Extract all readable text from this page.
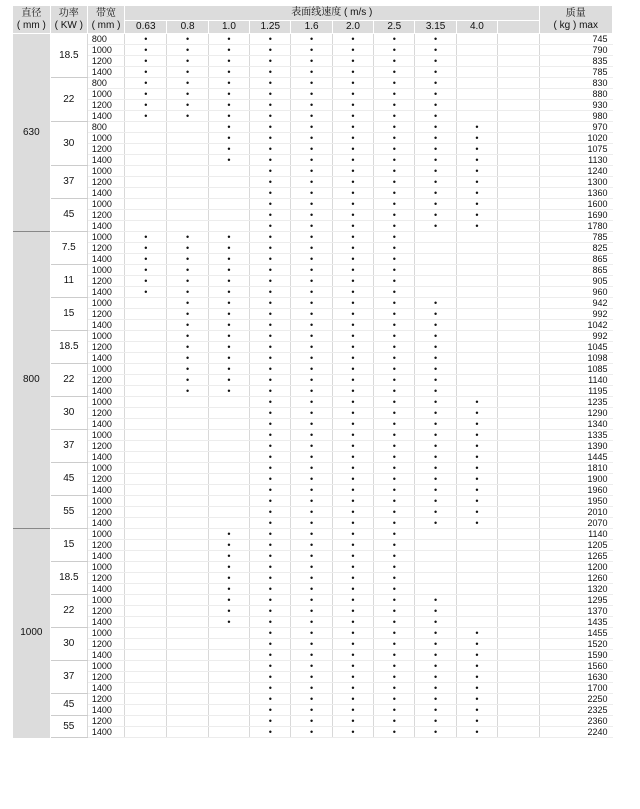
直径
( mm )	功率
( KW )	带宽
( mm )	表面线速度 ( m/s )										质量
( kg ) max
			0.63	0.8	1.0	1.25	1.6	2.0	2.5	3.15	4.0		
630	18.5	800	•	•	•	•	•	•	•	•			745
		1000	•	•	•	•	•	•	•	•			790
		1200	•	•	•	•	•	•	•	•			835
		1400	•	•	•	•	•	•	•	•			785
	22	800	•	•	•	•	•	•	•	•			830
		1000	•	•	•	•	•	•	•	•			880
		1200	•	•	•	•	•	•	•	•			930
		1400	•	•	•	•	•	•	•	•			980
	30	800			•	•	•	•	•	•	•		970
		1000			•	•	•	•	•	•	•		1020
		1200			•	•	•	•	•	•	•		1075
		1400			•	•	•	•	•	•	•		1130
	37	1000				•	•	•	•	•	•		1240
		1200				•	•	•	•	•	•		1300
		1400				•	•	•	•	•	•		1360
	45	1000				•	•	•	•	•	•		1600
		1200				•	•	•	•	•	•		1690
		1400				•	•	•	•	•	•		1780
800	7.5	1000	•	•	•	•	•	•	•				785
		1200	•	•	•	•	•	•	•				825
		1400	•	•	•	•	•	•	•				865
	11	1000	•	•	•	•	•	•	•				865
		1200	•	•	•	•	•	•	•				905
		1400	•	•	•	•	•	•	•				960
	15	1000		•	•	•	•	•	•	•			942
		1200		•	•	•	•	•	•	•			992
		1400		•	•	•	•	•	•	•			1042
	18.5	1000		•	•	•	•	•	•	•			992
		1200		•	•	•	•	•	•	•			1045
		1400		•	•	•	•	•	•	•			1098
	22	1000		•	•	•	•	•	•	•			1085
		1200		•	•	•	•	•	•	•			1140
		1400		•	•	•	•	•	•	•			1195
	30	1000				•	•	•	•	•	•		1235
		1200				•	•	•	•	•	•		1290
		1400				•	•	•	•	•	•		1340
	37	1000				•	•	•	•	•	•		1335
		1200				•	•	•	•	•	•		1390
		1400				•	•	•	•	•	•		1445
	45	1000				•	•	•	•	•	•		1810
		1200				•	•	•	•	•	•		1900
		1400				•	•	•	•	•	•		1960
	55	1000				•	•	•	•	•	•		1950
		1200				•	•	•	•	•	•		2010
		1400				•	•	•	•	•	•		2070
1000	15	1000			•	•	•	•	•				1140
		1200			•	•	•	•	•				1205
		1400			•	•	•	•	•				1265
	18.5	1000			•	•	•	•	•				1200
		1200			•	•	•	•	•				1260
		1400			•	•	•	•	•				1320
	22	1000			•	•	•	•	•	•			1295
		1200			•	•	•	•	•	•			1370
		1400			•	•	•	•	•	•			1435
	30	1000				•	•	•	•	•	•		1455
		1200				•	•	•	•	•	•		1520
		1400				•	•	•	•	•	•		1590
	37	1000				•	•	•	•	•	•		1560
		1200				•	•	•	•	•	•		1630
		1400				•	•	•	•	•	•		1700
	45	1200				•	•	•	•	•	•		2250
		1400				•	•	•	•	•	•		2325
	55	1200				•	•	•	•	•	•		2360
		1400				•	•	•	•	•	•		2240
